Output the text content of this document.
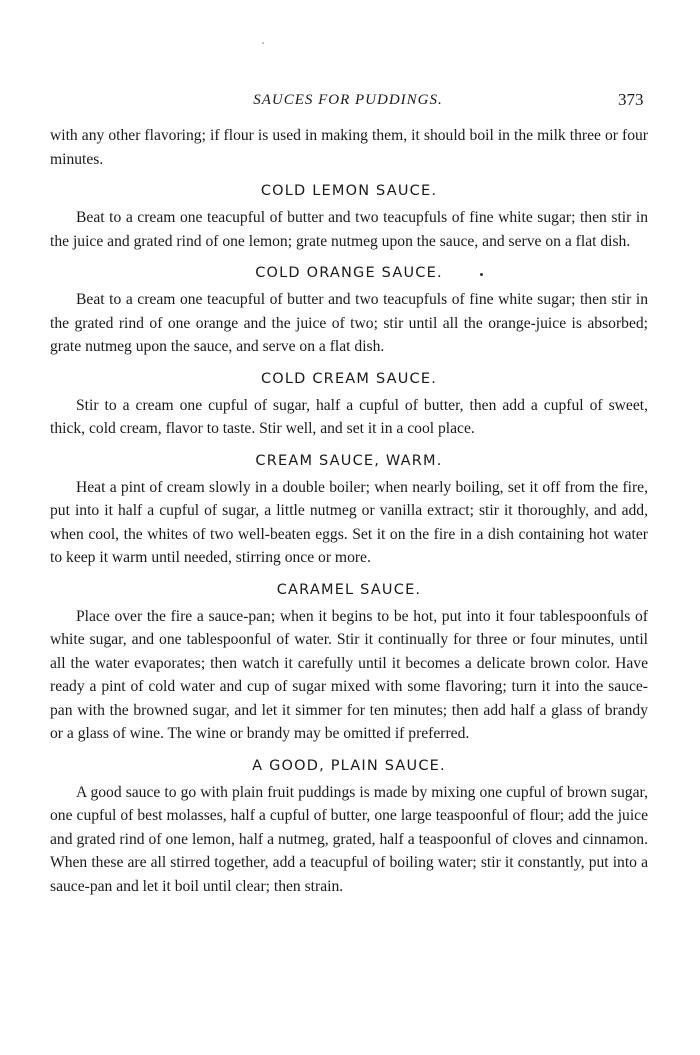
SAUCES FOR PUDDINGS.	373

with any other flavoring; if flour is used in making them, it should boil in the milk three or four minutes.

COLD LEMON SAUCE.

Beat to a cream one teacupful of butter and two teacupfuls of fine white sugar; then stir in the juice and grated rind of one lemon; grate nutmeg upon the sauce, and serve on a flat dish.

COLD ORANGE SAUCE.

Beat to a cream one teacupful of butter and two teacupfuls of fine white sugar; then stir in the grated rind of one orange and the juice of two; stir until all the orange-juice is absorbed; grate nutmeg upon the sauce, and serve on a flat dish.

COLD CREAM SAUCE.

Stir to a cream one cupful of sugar, half a cupful of butter, then add a cupful of sweet, thick, cold cream, flavor to taste. Stir well, and set it in a cool place.

CREAM SAUCE, WARM.

Heat a pint of cream slowly in a double boiler; when nearly boiling, set it off from the fire, put into it half a cupful of sugar, a little nutmeg or vanilla extract; stir it thoroughly, and add, when cool, the whites of two well-beaten eggs. Set it on the fire in a dish containing hot water to keep it warm until needed, stirring once or more.

CARAMEL SAUCE.

Place over the fire a sauce-pan; when it begins to be hot, put into it four tablespoonfuls of white sugar, and one tablespoonful of water. Stir it continually for three or four minutes, until all the water evaporates; then watch it carefully until it becomes a delicate brown color. Have ready a pint of cold water and cup of sugar mixed with some flavoring; turn it into the sauce-pan with the browned sugar, and let it simmer for ten minutes; then add half a glass of brandy or a glass of wine. The wine or brandy may be omitted if preferred.

A GOOD, PLAIN SAUCE.

A good sauce to go with plain fruit puddings is made by mixing one cupful of brown sugar, one cupful of best molasses, half a cupful of butter, one large teaspoonful of flour; add the juice and grated rind of one lemon, half a nutmeg, grated, half a teaspoonful of cloves and cinnamon. When these are all stirred together, add a teacupful of boiling water; stir it constantly, put into a sauce-pan and let it boil until clear; then strain.
